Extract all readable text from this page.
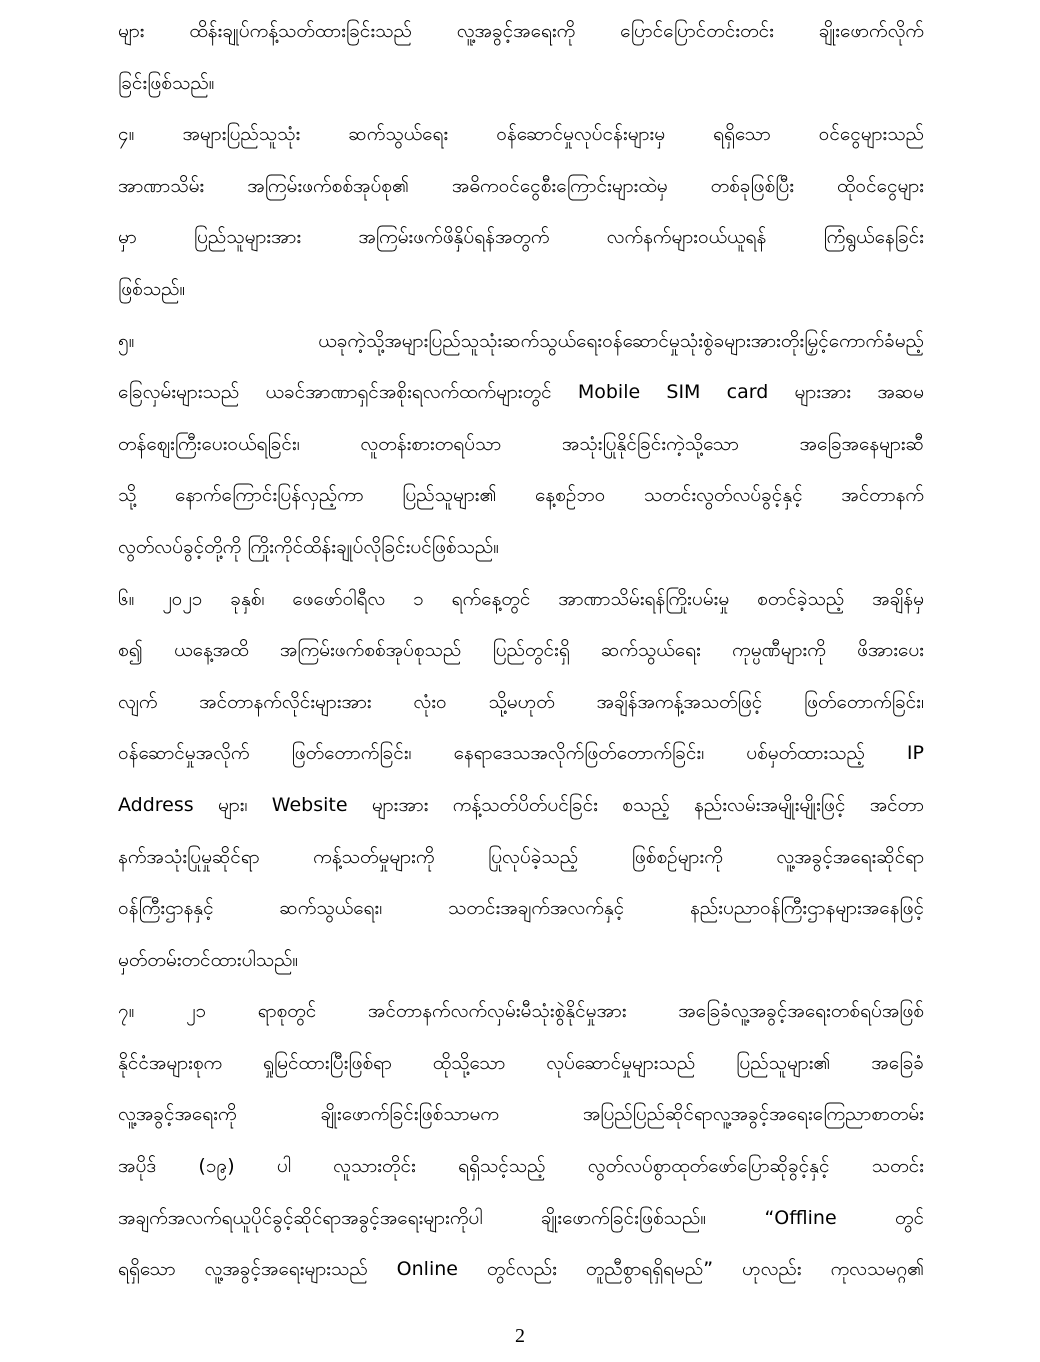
များ ထိန်းချုပ်ကန့်သတ်ထားခြင်းသည် လူ့အခွင့်အရေးကို ပြောင်ပြောင်တင်းတင်း ချိုးဖောက်လိုက်
ခြင်းဖြစ်သည်။
၄။ အများပြည်သူသုံး ဆက်သွယ်ရေး ဝန်ဆောင်မှုလုပ်ငန်းများမှ ရရှိသော ဝင်ငွေများသည်
အာဏာသိမ်း အကြမ်းဖက်စစ်အုပ်စု၏ အဓိကဝင်ငွေစီးကြောင်းများထဲမှ တစ်ခုဖြစ်ပြီး ထိုဝင်ငွေများ
မှာ ပြည်သူများအား အကြမ်းဖက်ဖိနှိပ်ရန်အတွက် လက်နက်များဝယ်ယူရန် ကြံရွယ်နေခြင်း
ဖြစ်သည်။
၅။ ယခုကဲ့သို့အများပြည်သူသုံးဆက်သွယ်ရေးဝန်ဆောင်မှုသုံးစွဲခများအားတိုးမြှင့်ကောက်ခံမည့်
ခြေလှမ်းများသည် ယခင်အာဏာရှင်အစိုးရလက်ထက်များတွင် Mobile SIM card များအား အဆမ
တန်ဈေးကြီးပေးဝယ်ရခြင်း၊ လူတန်းစားတရပ်သာ အသုံးပြုနိုင်ခြင်းကဲ့သို့သော အခြေအနေများဆီ
သို့ နောက်ကြောင်းပြန်လှည့်ကာ ပြည်သူများ၏ နေ့စဉ်ဘဝ သတင်းလွတ်လပ်ခွင့်နှင့် အင်တာနက်
လွတ်လပ်ခွင့်တို့ကို ကြိုးကိုင်ထိန်းချုပ်လိုခြင်းပင်ဖြစ်သည်။
၆။ ၂၀၂၁ ခုနှစ်၊ ဖေဖော်ဝါရီလ ၁ ရက်နေ့တွင် အာဏာသိမ်းရန်ကြိုးပမ်းမှု စတင်ခဲ့သည့် အချိန်မှ
စ၍ ယနေ့အထိ အကြမ်းဖက်စစ်အုပ်စုသည် ပြည်တွင်းရှိ ဆက်သွယ်ရေး ကုမ္ပဏီများကို ဖိအားပေး
လျက် အင်တာနက်လိုင်းများအား လုံးဝ သို့မဟုတ် အချိန်အကန့်အသတ်ဖြင့် ဖြတ်တောက်ခြင်း၊
ဝန်ဆောင်မှုအလိုက် ဖြတ်တောက်ခြင်း၊ နေရာဒေသအလိုက်ဖြတ်တောက်ခြင်း၊ ပစ်မှတ်ထားသည့် IP
Address များ၊ Website များအား ကန့်သတ်ပိတ်ပင်ခြင်း စသည့် နည်းလမ်းအမျိုးမျိုးဖြင့် အင်တာ
နက်အသုံးပြုမှုဆိုင်ရာ ကန့်သတ်မှုများကို ပြုလုပ်ခဲ့သည့် ဖြစ်စဉ်များကို လူ့အခွင့်အရေးဆိုင်ရာ
ဝန်ကြီးဌာနနှင့် ဆက်သွယ်ရေး၊ သတင်းအချက်အလက်နှင့် နည်းပညာဝန်ကြီးဌာနများအနေဖြင့်
မှတ်တမ်းတင်ထားပါသည်။
၇။ ၂၁ ရာစုတွင် အင်တာနက်လက်လှမ်းမီသုံးစွဲနိုင်မှုအား အခြေခံလူ့အခွင့်အရေးတစ်ရပ်အဖြစ်
နိုင်ငံအများစုက ရှုမြင်ထားပြီးဖြစ်ရာ ထိုသို့သော လုပ်ဆောင်မှုများသည် ပြည်သူများ၏ အခြေခံ
လူ့အခွင့်အရေးကို ချိုးဖောက်ခြင်းဖြစ်သာမက အပြည်ပြည်ဆိုင်ရာလူ့အခွင့်အရေးကြေညာစာတမ်း
အပိုဒ် (၁၉) ပါ လူသားတိုင်း ရရှိသင့်သည့် လွတ်လပ်စွာထုတ်ဖော်ပြောဆိုခွင့်နှင့် သတင်း
အချက်အလက်ရယူပိုင်ခွင့်ဆိုင်ရာအခွင့်အရေးများကိုပါ ချိုးဖောက်ခြင်းဖြစ်သည်။ “Offline တွင်
ရရှိသော လူ့အခွင့်အရေးများသည် Online တွင်လည်း တူညီစွာရရှိရမည်” ဟုလည်း ကုလသမဂ္ဂ၏
2
